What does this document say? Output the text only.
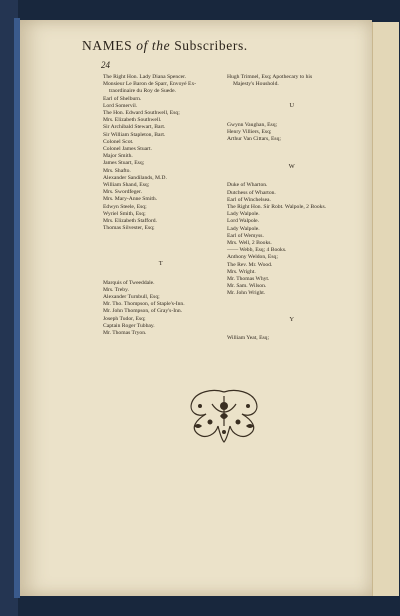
NAMES of the Subscribers.
24
The Right Hon. Lady Diana Spencer.
Monsieur Le Baron de Sparr, Envoyé Ex-
traordinaire du Roy de Suede.
Earl of Shelburn.
Lord Somervil.
The Hon. Edward Southwell, Esq;
Mrs. Elizabeth Southwell.
Sir Archibald Stewart, Bart.
Sir William Stapleton, Bart.
Colonel Scot.
Colonel James Stuart.
Major Smith.
James Stuart, Esq;
Mrs. Shafto.
Alexander Sandilands, M.D.
William Shand, Esq;
Mrs. Swordfeger.
Mrs. Mary-Anne Smith.
Edwyn Steele, Esq;
Wyriel Smith, Esq;
Mrs. Elizabeth Stafford.
Thomas Silvester, Esq;
T
Marquis of Tweeddale.
Mrs. Treby.
Alexander Turnbull, Esq;
Mr. Tho. Thompson, of Staple's-Inn.
Mr. John Thompson, of Gray's-Inn.
Joseph Tudor, Esq;
Captain Roger Tubbay.
Mr. Thomas Tryon.
Hugh Trimnel, Esq; Apothecary to his
Majesty's Houshold.
U
Gwynn Vaughan, Esq;
Henry Villiers, Esq;
Arthur Van Cittars, Esq;
W
Duke of Wharton.
Dutchess of Wharton.
Earl of Winchelsea.
The Right Hon. Sir Robt. Walpole, 2 Books.
Lady Walpole.
Lord Walpole.
Lady Walpole.
Earl of Wemyss.
Mrs. Well, 2 Books.
—— Webb, Esq; 4 Books.
Anthony Weldon, Esq;
The Rev. Mr. Wood.
Mrs. Wright.
Mr. Thomas Whyt.
Mr. Sam. Wilson.
Mr. John Wright.
Y
William Yeat, Esq;
